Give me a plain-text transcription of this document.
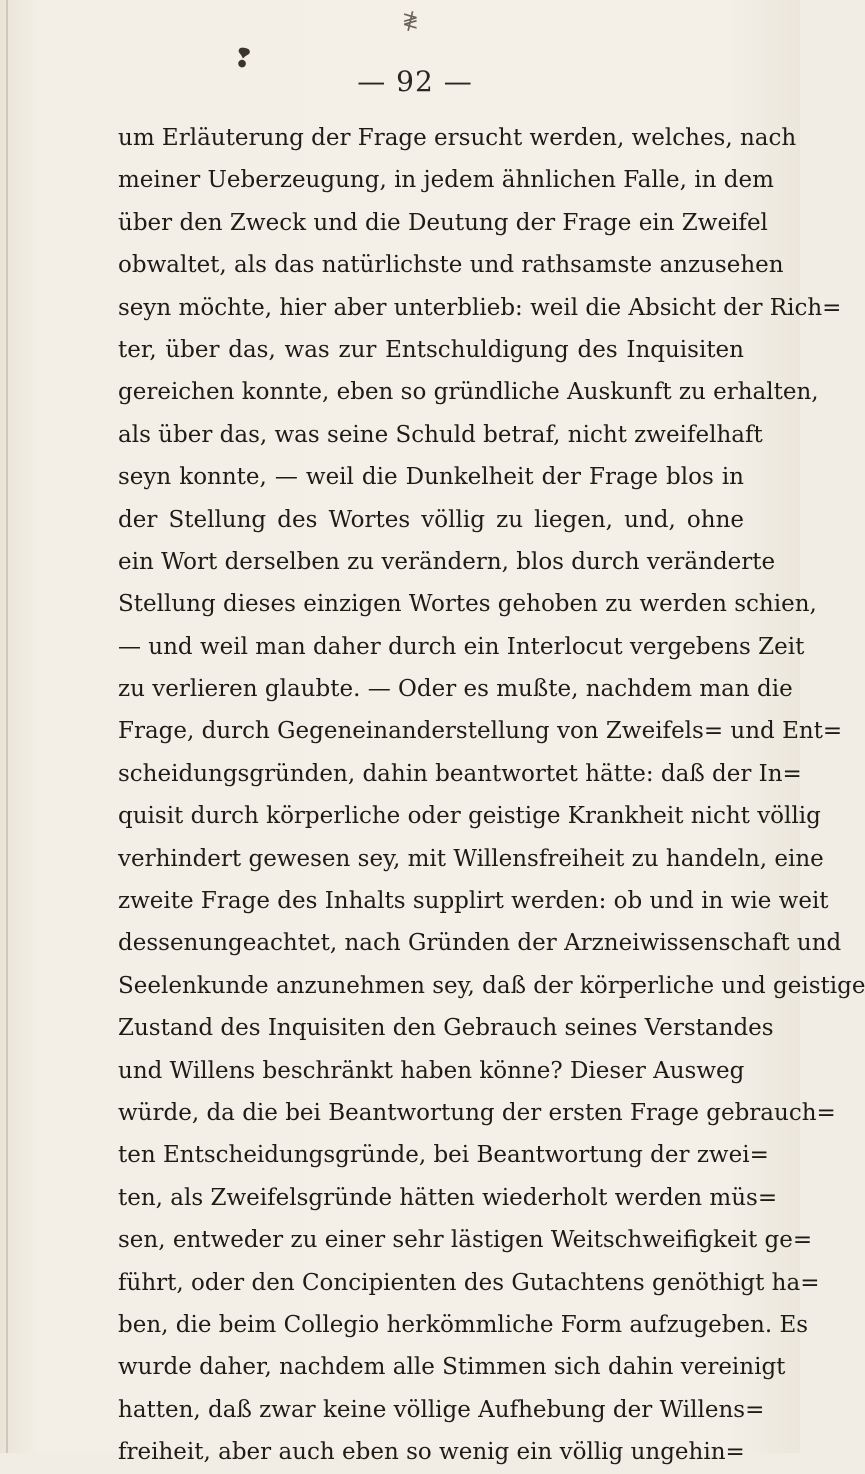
≹
❢
— 92 —
um Erläuterung der Frage ersucht werden, welches, nach
meiner Ueberzeugung, in jedem ähnlichen Falle, in dem
über den Zweck und die Deutung der Frage ein Zweifel
obwaltet, als das natürlichste und rathsamste anzusehen
seyn möchte, hier aber unterblieb: weil die Absicht der Rich=
ter, über das, was zur Entschuldigung des Inquisiten
gereichen konnte, eben so gründliche Auskunft zu erhalten,
als über das, was seine Schuld betraf, nicht zweifelhaft
seyn konnte, — weil die Dunkelheit der Frage blos in
der Stellung des Wortes völlig zu liegen, und, ohne
ein Wort derselben zu verändern, blos durch veränderte
Stellung dieses einzigen Wortes gehoben zu werden schien,
— und weil man daher durch ein Interlocut vergebens Zeit
zu verlieren glaubte. — Oder es mußte, nachdem man die
Frage, durch Gegeneinanderstellung von Zweifels= und Ent=
scheidungsgründen, dahin beantwortet hätte: daß der In=
quisit durch körperliche oder geistige Krankheit nicht völlig
verhindert gewesen sey, mit Willensfreiheit zu handeln, eine
zweite Frage des Inhalts supplirt werden: ob und in wie weit
dessenungeachtet, nach Gründen der Arzneiwissenschaft und
Seelenkunde anzunehmen sey, daß der körperliche und geistige
Zustand des Inquisiten den Gebrauch seines Verstandes
und Willens beschränkt haben könne? Dieser Ausweg
würde, da die bei Beantwortung der ersten Frage gebrauch=
ten Entscheidungsgründe, bei Beantwortung der zwei=
ten, als Zweifelsgründe hätten wiederholt werden müs=
sen, entweder zu einer sehr lästigen Weitschweifigkeit ge=
führt, oder den Concipienten des Gutachtens genöthigt ha=
ben, die beim Collegio herkömmliche Form aufzugeben. Es
wurde daher, nachdem alle Stimmen sich dahin vereinigt
hatten, daß zwar keine völlige Aufhebung der Willens=
freiheit, aber auch eben so wenig ein völlig ungehin=
